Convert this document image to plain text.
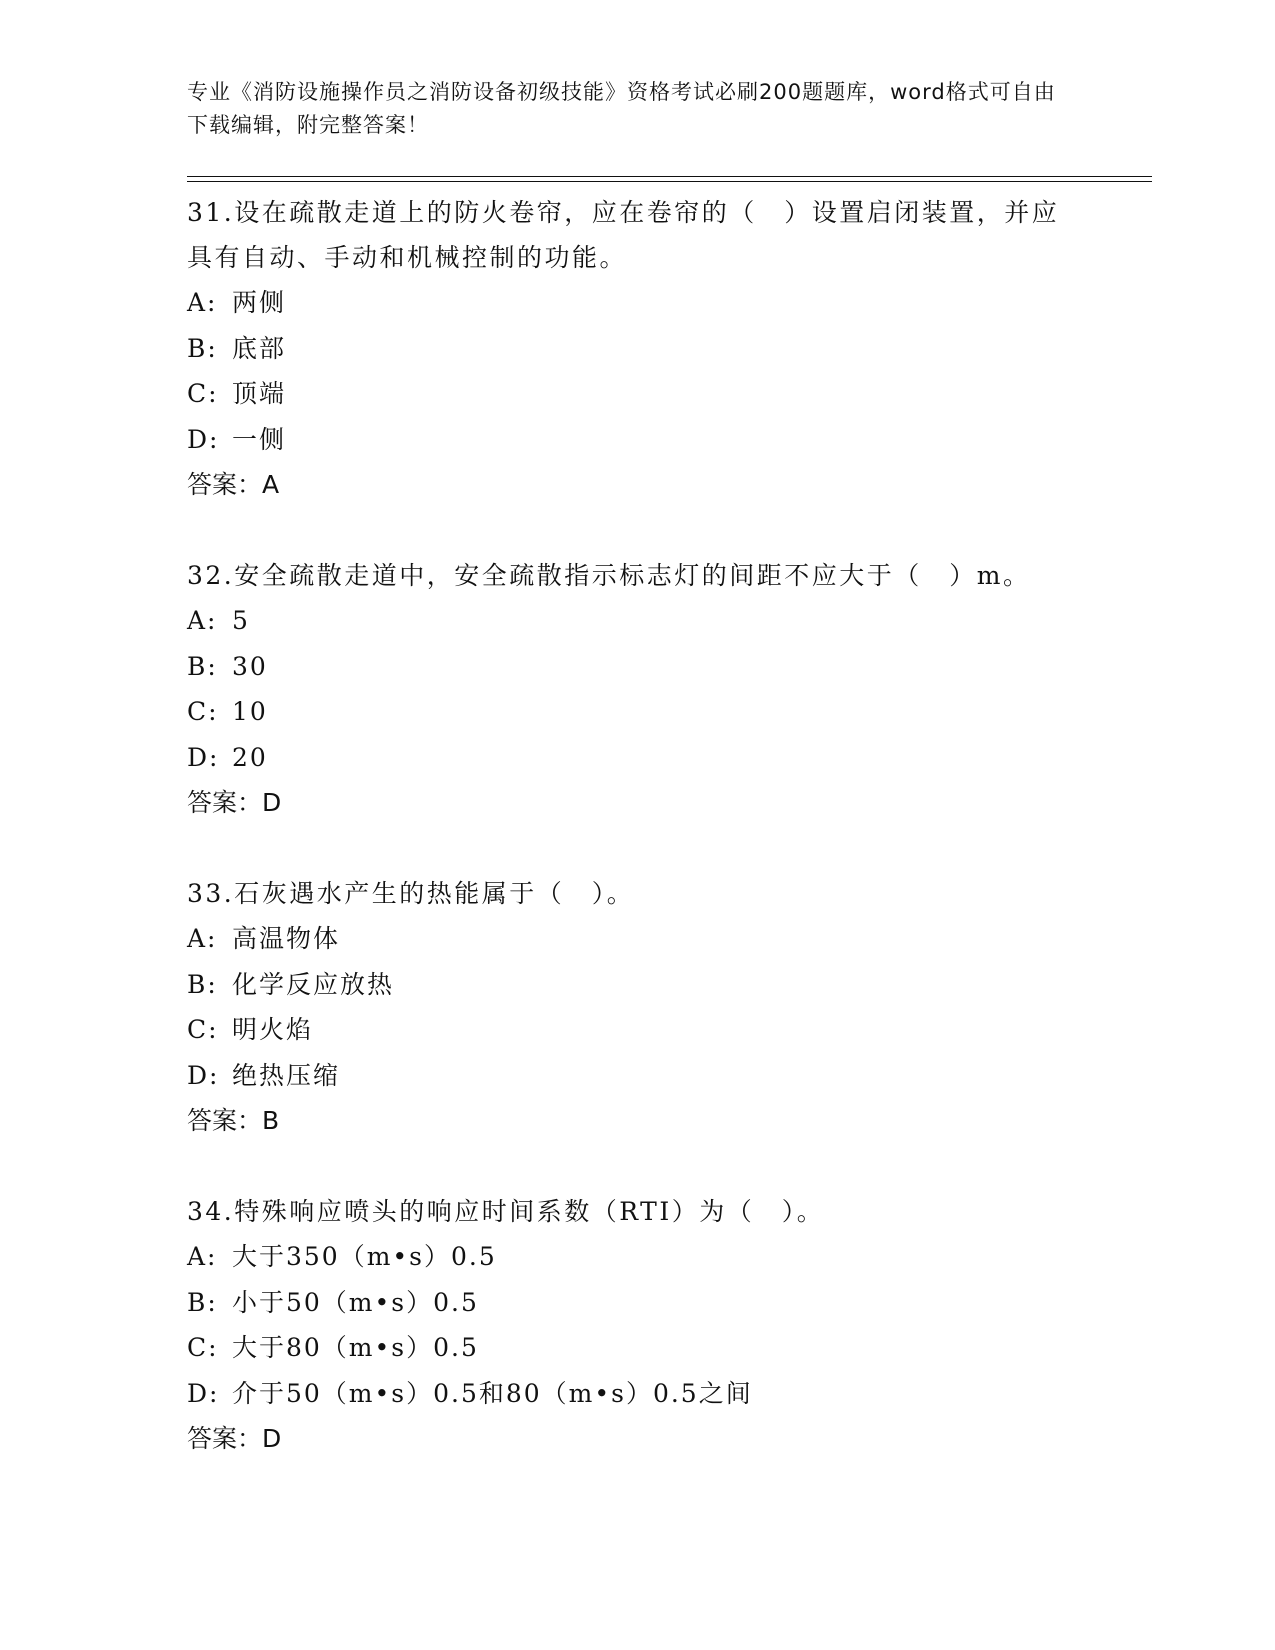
专业《消防设施操作员之消防设备初级技能》资格考试必刷200题题库，word格式可自由下载编辑，附完整答案！

31.设在疏散走道上的防火卷帘，应在卷帘的（　）设置启闭装置，并应具有自动、手动和机械控制的功能。

A: 两侧

B: 底部

C: 顶端

D: 一侧

答案：A

32.安全疏散走道中，安全疏散指示标志灯的间距不应大于（　）m。

A: 5

B: 30

C: 10

D: 20

答案：D

33.石灰遇水产生的热能属于（　）。

A: 高温物体

B: 化学反应放热

C: 明火焰

D: 绝热压缩

答案：B

34.特殊响应喷头的响应时间系数（RTI）为（　）。

A: 大于350（m•s）0.5

B: 小于50（m•s）0.5

C: 大于80（m•s）0.5

D: 介于50（m•s）0.5和80（m•s）0.5之间

答案：D
